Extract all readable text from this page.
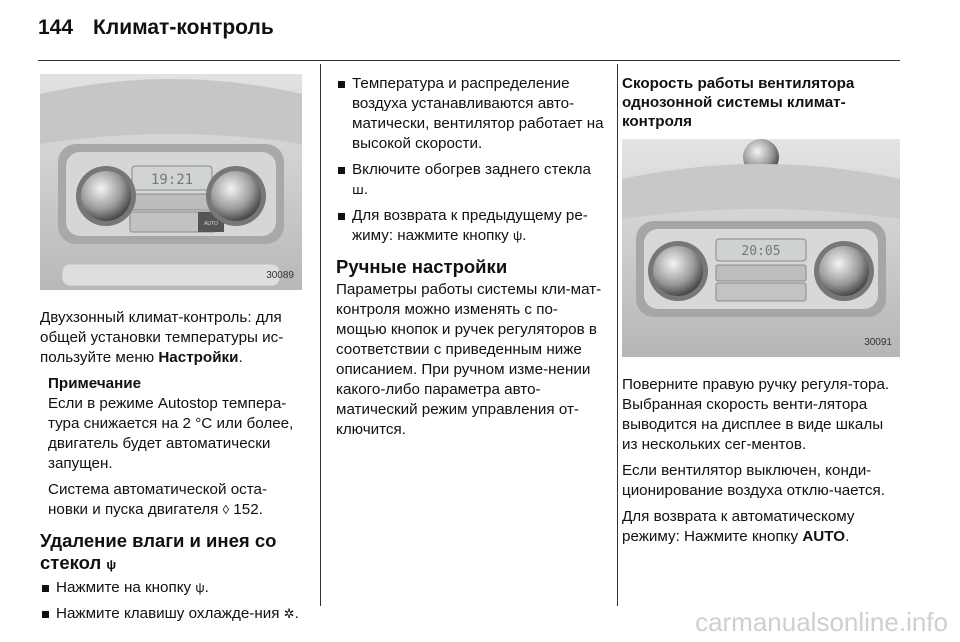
144 Климат-контроль
19:21
AUTO
30089

Двухзонный климат-контроль: для общей установки температуры ис-пользуйте меню Настройки.

Примечание

Если в режиме Autostop темпера-тура снижается на 2 °C или более, двигатель будет автоматически запущен.

Система автоматической оста-новки и пуска двигателя ◊ 152.

Удаление влаги и инея со стекол ψ

Нажмите на кнопку ψ.

Нажмите клавишу охлажде-ния ✲.

Температура и распределение воздуха устанавливаются авто-матически, вентилятор работает на высокой скорости.

Включите обогрев заднего стекла ꟺ.

Для возврата к предыдущему ре-жиму: нажмите кнопку ψ.

Ручные настройки

Параметры работы системы кли-мат-контроля можно изменять с по-мощью кнопок и ручек регуляторов в соответствии с приведенным ниже описанием. При ручном изме-нении какого-либо параметра авто-матический режим управления от-ключится.

Скорость работы вентилятора однозонной системы климат-контроля

20:05
30091

Поверните правую ручку регуля-тора. Выбранная скорость венти-лятора выводится на дисплее в виде шкалы из нескольких сег-ментов.

Если вентилятор выключен, конди-ционирование воздуха отклю-чается.

Для возврата к автоматическому режиму: Нажмите кнопку AUTO.

carmanualsonline.info
